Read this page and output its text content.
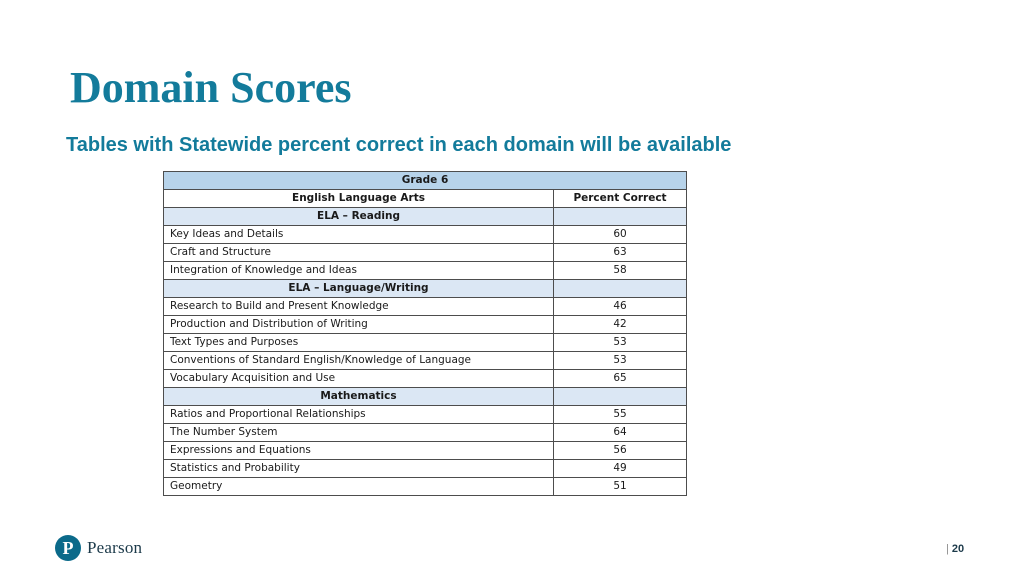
Domain Scores

Tables with Statewide percent correct in each domain will be available

Grade 6	
English Language Arts	Percent Correct
ELA – Reading	
Key Ideas and Details	60
Craft and Structure	63
Integration of Knowledge and Ideas	58
ELA – Language/Writing	
Research to Build and Present Knowledge	46
Production and Distribution of Writing	42
Text Types and Purposes	53
Conventions of Standard English/Knowledge of Language	53
Vocabulary Acquisition and Use	65
Mathematics	
Ratios and Proportional Relationships	55
The Number System	64
Expressions and Equations	56
Statistics and Probability	49
Geometry	51
P Pearson	| 20
